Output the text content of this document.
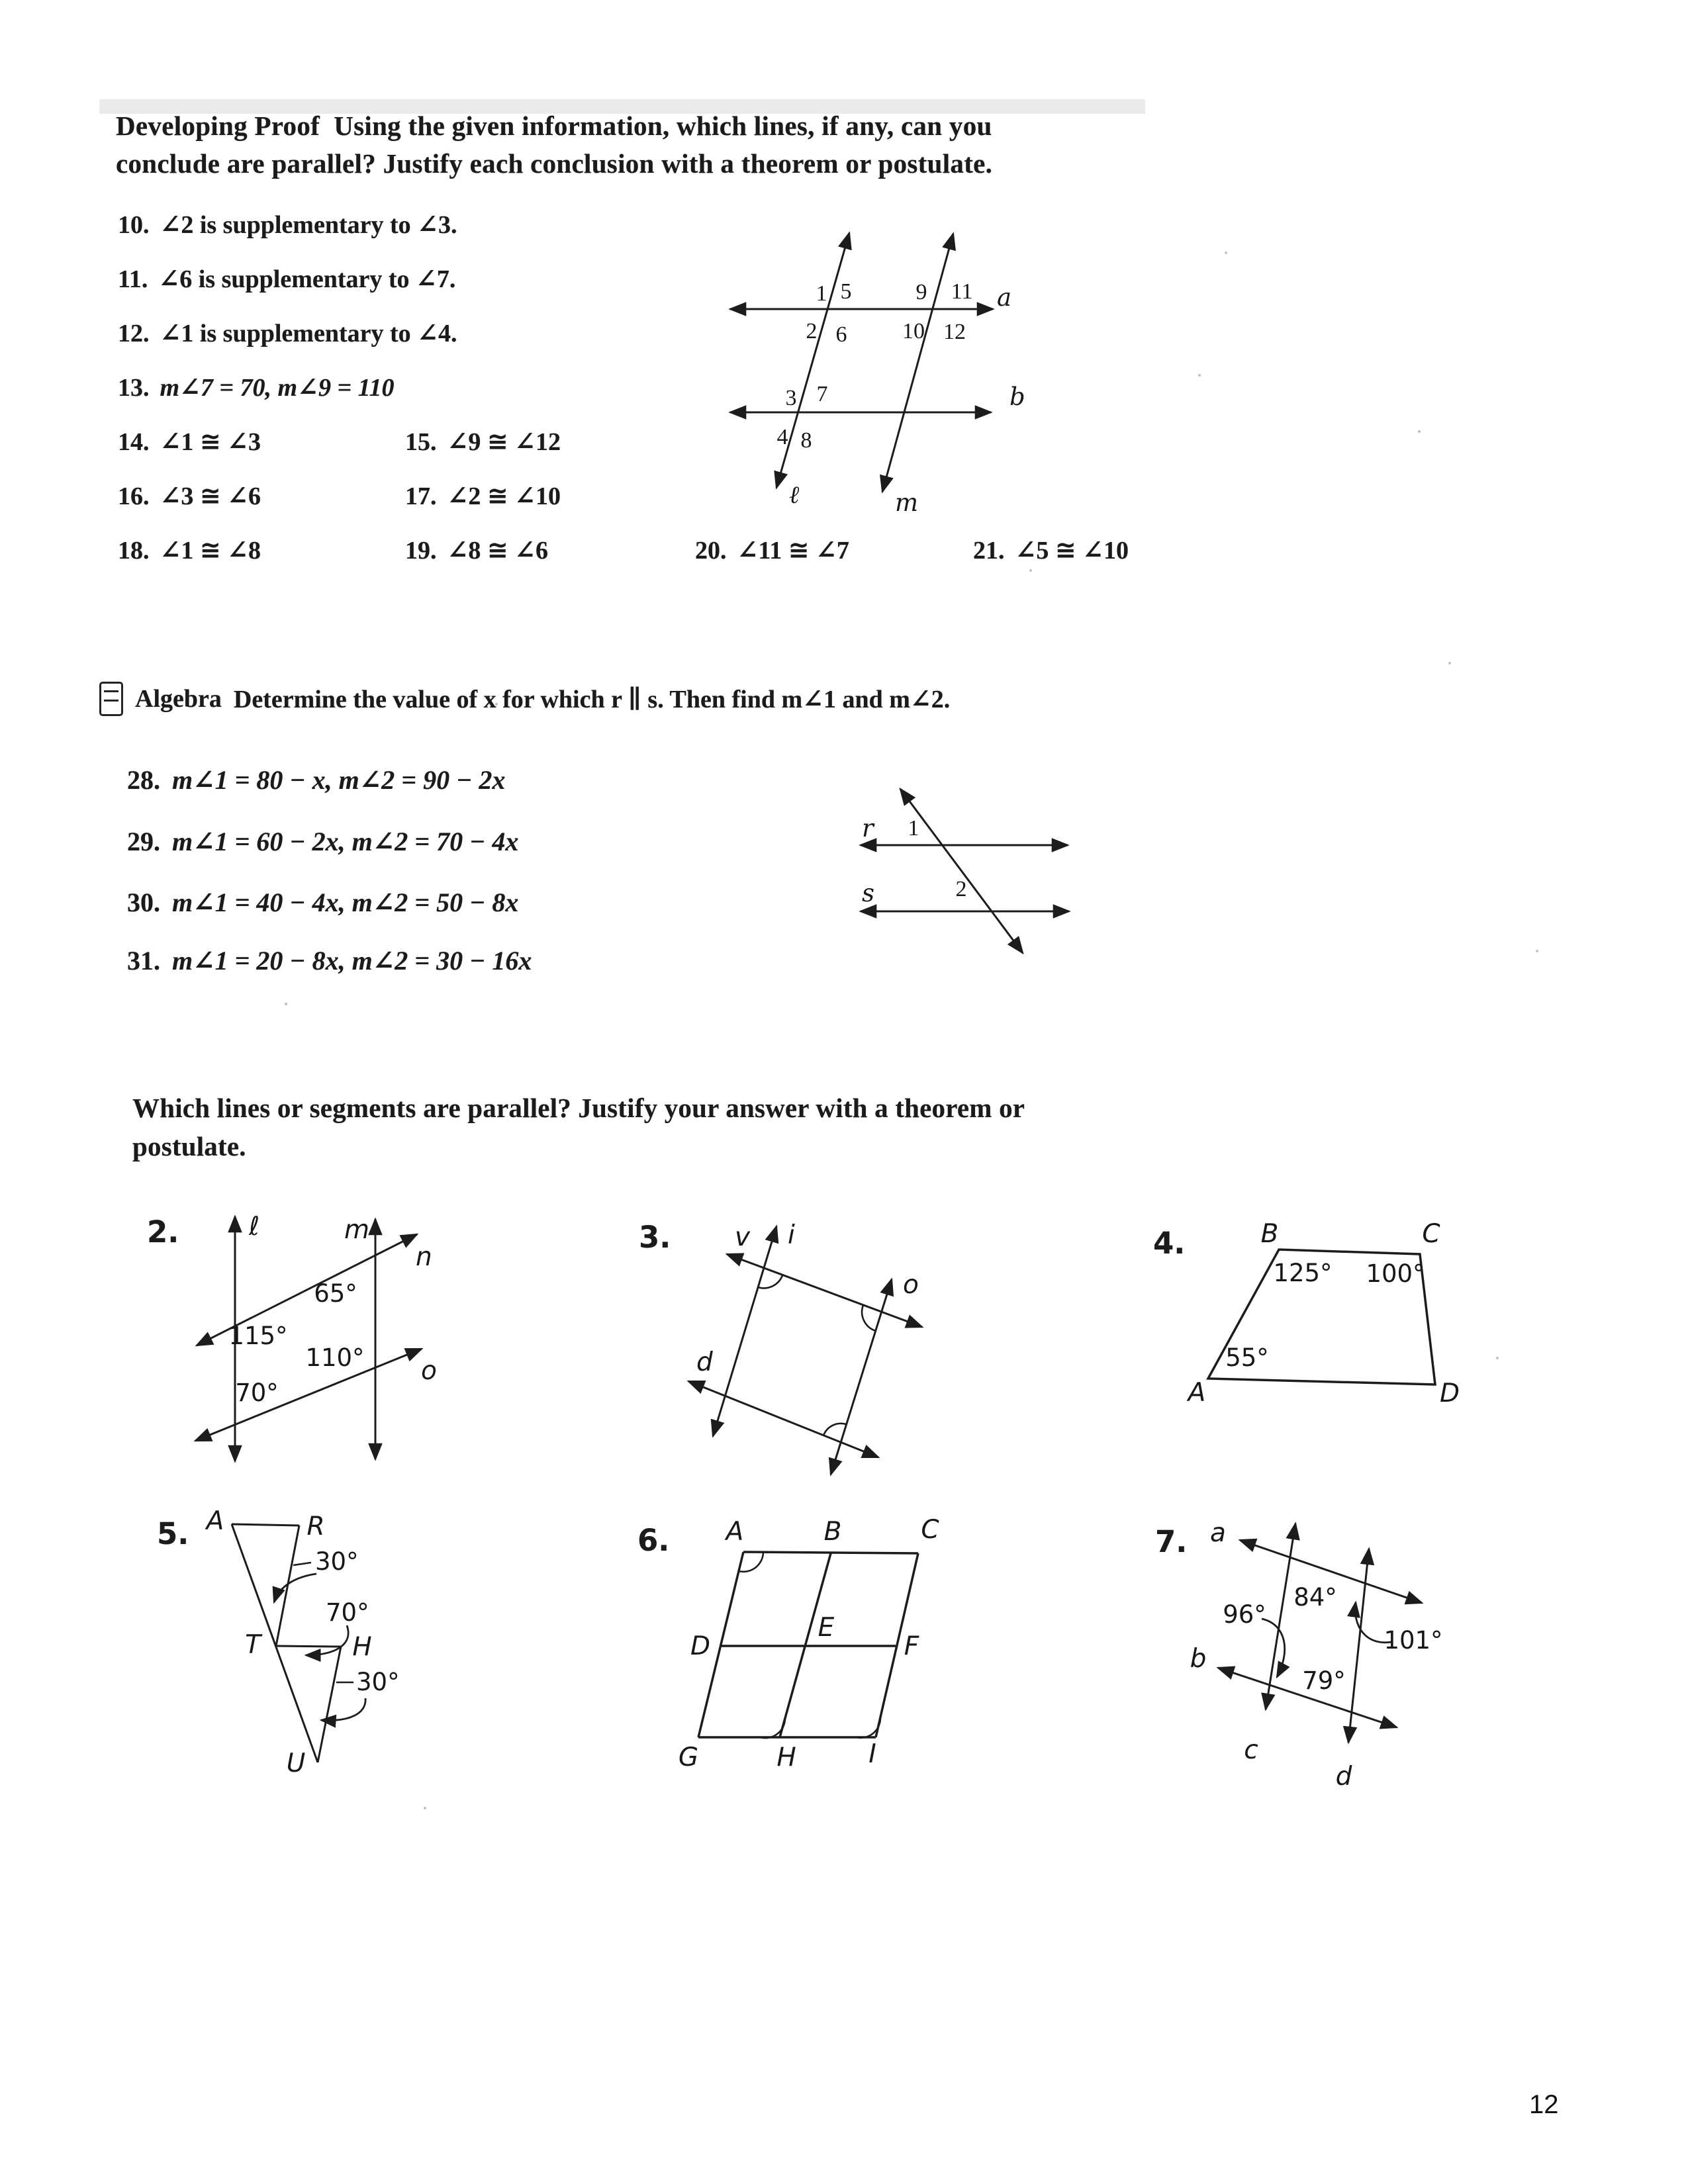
Developing Proof Using the given information, which lines, if any, can you
conclude are parallel? Justify each conclusion with a theorem or postulate.
10. ∠2 is supplementary to ∠3.
11. ∠6 is supplementary to ∠7.
12. ∠1 is supplementary to ∠4.
13. m∠7 = 70, m∠9 = 110
14. ∠1 ≅ ∠3	15. ∠9 ≅ ∠12
16. ∠3 ≅ ∠6	17. ∠2 ≅ ∠10
18. ∠1 ≅ ∠8	19. ∠8 ≅ ∠6	20. ∠11 ≅ ∠7	21. ∠5 ≅ ∠10
1 5
2 6
9 11
10 12
3 7
4 8
a
b
ℓ	m
Algebra Determine the value of x for which r ∥ s. Then find m∠1 and m∠2.
28. m∠1 = 80 − x, m∠2 = 90 − 2x
29. m∠1 = 60 − 2x, m∠2 = 70 − 4x
30. m∠1 = 40 − 4x, m∠2 = 50 − 8x
31. m∠1 = 20 − 8x, m∠2 = 30 − 16x
r
s
1
2
Which lines or segments are parallel? Justify your answer with a theorem or
postulate.
2.	ℓ	m
n
o
65°
115°
110°
70°
3. v i
o
d
4.
A
B	C
D
125° 100°
55°
5. A	R
T	H
U
30°
70°
30°
6. A	B	C
D
E
F
G	H	I
7. a
b
c
d
84°
96°
101°
79°
12
